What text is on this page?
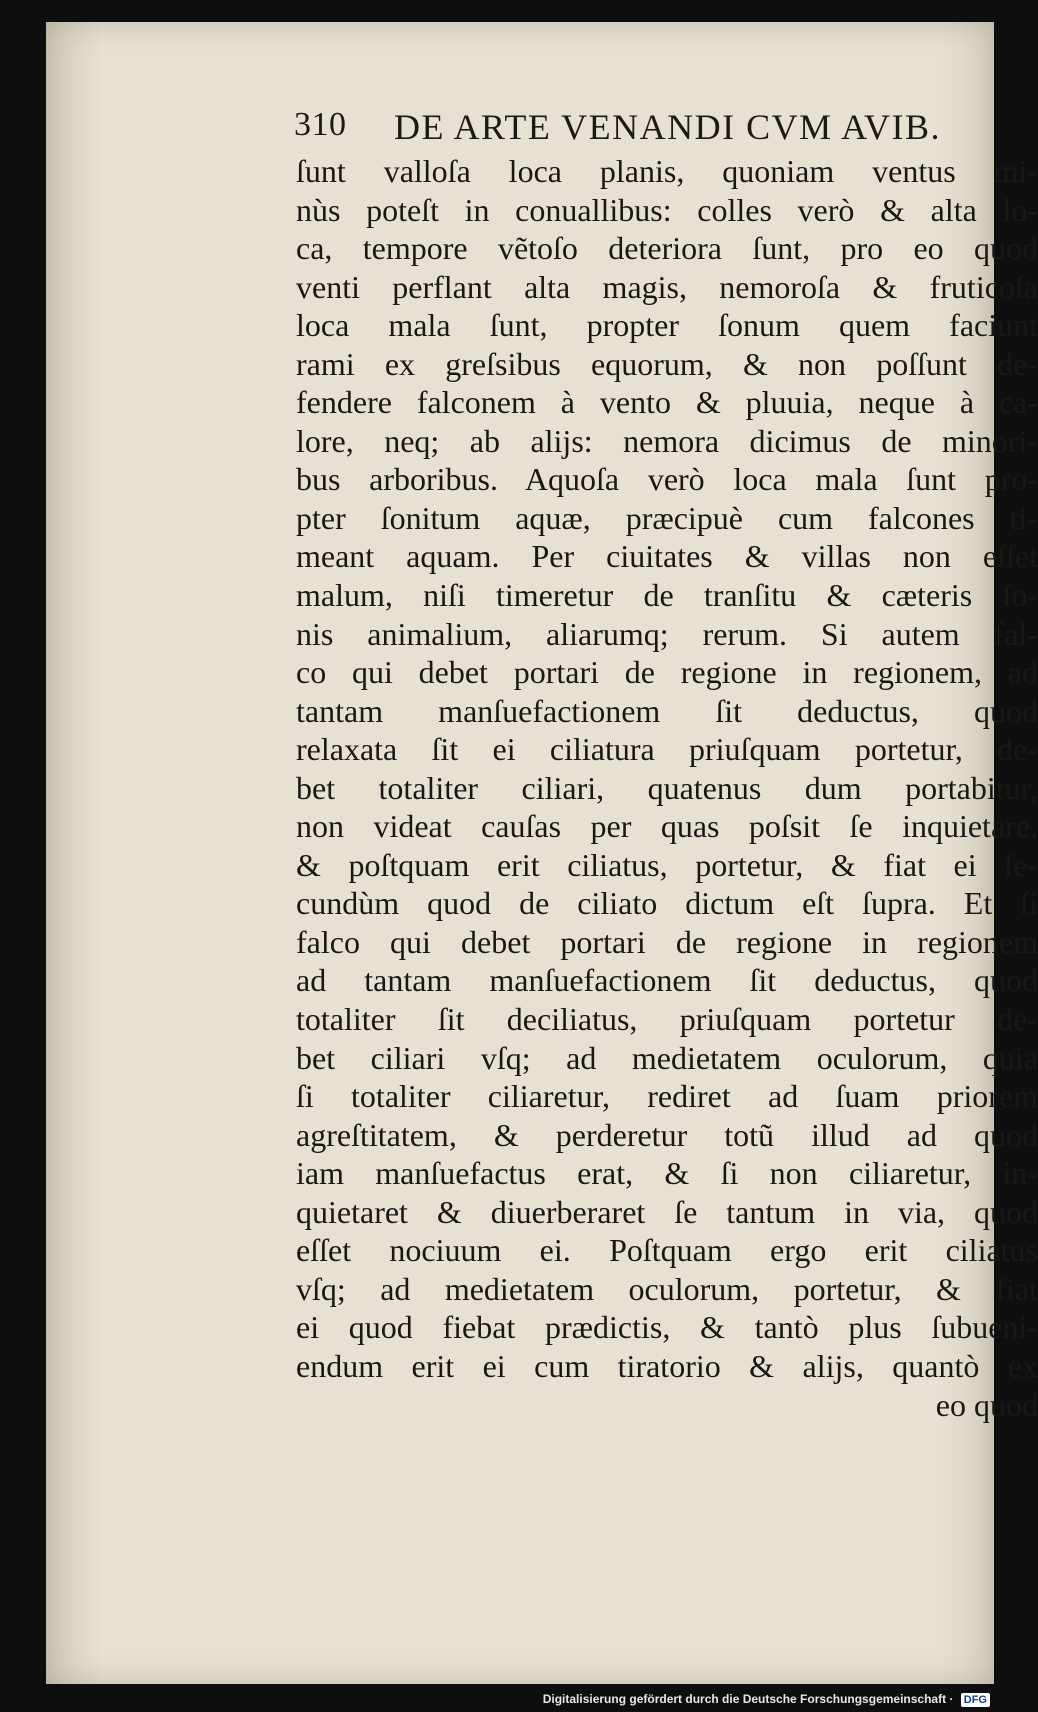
310 DE ARTE VENANDI CVM AVIB.
ſunt valloſa loca planis, quoniam ventus mi-
nùs poteſt in conuallibus: colles verò & alta lo-
ca, tempore vẽtoſo deteriora ſunt, pro eo quod
venti perflant alta magis, nemoroſa & fruticoſa
loca mala ſunt, propter ſonum quem faciunt
rami ex greſsibus equorum, & non poſſunt de-
fendere falconem à vento & pluuia, neque à ca-
lore, neq; ab alijs: nemora dicimus de minori-
bus arboribus. Aquoſa verò loca mala ſunt pro-
pter ſonitum aquæ, præcipuè cum falcones ti-
meant aquam. Per ciuitates & villas non eſſet
malum, niſi timeretur de tranſitu & cæteris ſo-
nis animalium, aliarumq; rerum. Si autem fal-
co qui debet portari de regione in regionem, ad
tantam manſuefactionem ſit deductus, quod
relaxata ſit ei ciliatura priuſquam portetur, de-
bet totaliter ciliari, quatenus dum portabitur,
non videat cauſas per quas poſsit ſe inquietare,
& poſtquam erit ciliatus, portetur, & fiat ei ſe-
cundùm quod de ciliato dictum eſt ſupra. Et ſi
falco qui debet portari de regione in regionem
ad tantam manſuefactionem ſit deductus, quod
totaliter ſit deciliatus, priuſquam portetur de-
bet ciliari vſq; ad medietatem oculorum, quia
ſi totaliter ciliaretur, rediret ad ſuam priorem
agreſtitatem, & perderetur totũ illud ad quod
iam manſuefactus erat, & ſi non ciliaretur, in-
quietaret & diuerberaret ſe tantum in via, quod
eſſet nociuum ei. Poſtquam ergo erit ciliatus
vſq; ad medietatem oculorum, portetur, & fiat
ei quod fiebat prædictis, & tantò plus ſubueni-
endum erit ei cum tiratorio & alijs, quantò ex
eo quod
Digitalisierung gefördert durch die Deutsche Forschungsgemeinschaft · DFG
